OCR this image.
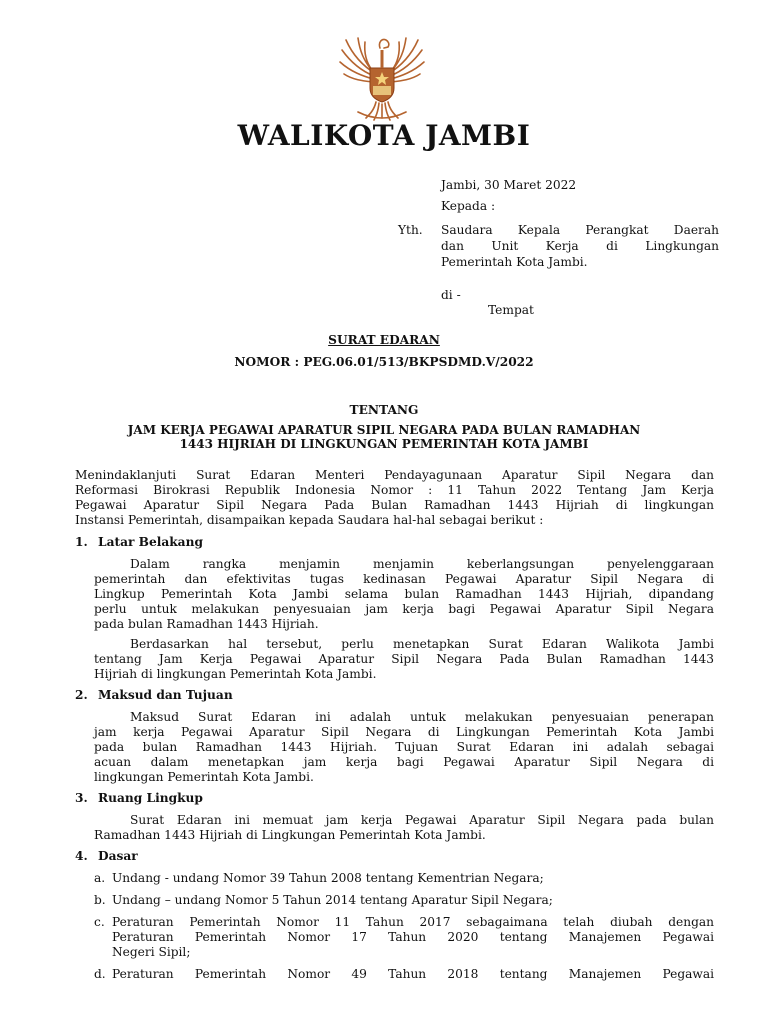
WALIKOTA JAMBI
Jambi, 30 Maret 2022
Kepada :
Yth. Saudara Kepala Perangkat Daerah
dan Unit Kerja di Lingkungan
Pemerintah Kota Jambi.
di -
Tempat
SURAT EDARAN
NOMOR : PEG.06.01/513/BKPSDMD.V/2022
TENTANG
JAM KERJA PEGAWAI APARATUR SIPIL NEGARA PADA BULAN RAMADHAN
1443 HIJRIAH DI LINGKUNGAN PEMERINTAH KOTA JAMBI
Menindaklanjuti Surat Edaran Menteri Pendayagunaan Aparatur Sipil Negara dan
Reformasi Birokrasi Republik Indonesia Nomor : 11 Tahun 2022 Tentang Jam Kerja
Pegawai Aparatur Sipil Negara Pada Bulan Ramadhan 1443 Hijriah di lingkungan
Instansi Pemerintah, disampaikan kepada Saudara hal-hal sebagai berikut :
1. Latar Belakang
Dalam rangka menjamin menjamin keberlangsungan penyelenggaraan
pemerintah dan efektivitas tugas kedinasan Pegawai Aparatur Sipil Negara di
Lingkup Pemerintah Kota Jambi selama bulan Ramadhan 1443 Hijriah, dipandang
perlu untuk melakukan penyesuaian jam kerja bagi Pegawai Aparatur Sipil Negara
pada bulan Ramadhan 1443 Hijriah.
Berdasarkan hal tersebut, perlu menetapkan Surat Edaran Walikota Jambi
tentang Jam Kerja Pegawai Aparatur Sipil Negara Pada Bulan Ramadhan 1443
Hijriah di lingkungan Pemerintah Kota Jambi.
2. Maksud dan Tujuan
Maksud Surat Edaran ini adalah untuk melakukan penyesuaian penerapan
jam kerja Pegawai Aparatur Sipil Negara di Lingkungan Pemerintah Kota Jambi
pada bulan Ramadhan 1443 Hijriah. Tujuan Surat Edaran ini adalah sebagai
acuan dalam menetapkan jam kerja bagi Pegawai Aparatur Sipil Negara di
lingkungan Pemerintah Kota Jambi.
3. Ruang Lingkup
Surat Edaran ini memuat jam kerja Pegawai Aparatur Sipil Negara pada bulan
Ramadhan 1443 Hijriah di Lingkungan Pemerintah Kota Jambi.
4. Dasar
a. Undang - undang Nomor 39 Tahun 2008 tentang Kementrian Negara;
b. Undang – undang Nomor 5 Tahun 2014 tentang Aparatur Sipil Negara;
c. Peraturan Pemerintah Nomor 11 Tahun 2017 sebagaimana telah diubah dengan
Peraturan Pemerintah Nomor 17 Tahun 2020 tentang Manajemen Pegawai
Negeri Sipil;
d. Peraturan Pemerintah Nomor 49 Tahun 2018 tentang Manajemen Pegawai
